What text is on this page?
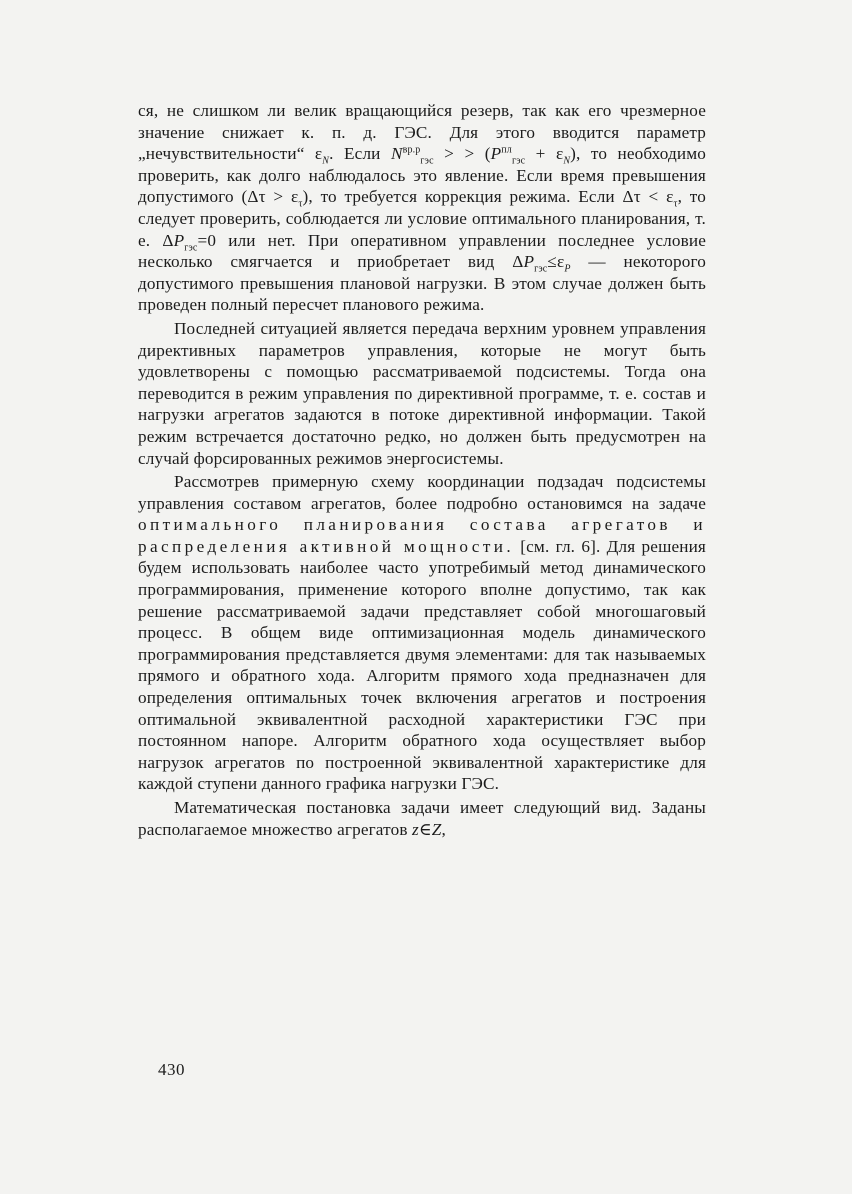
ся, не слишком ли велик вращающийся резерв, так как его чрезмерное значение снижает к. п. д. ГЭС. Для этого вводится параметр „нечувствительности“ $\varepsilon_N$. Если $N^{вр.р}_{гэс}$ > > $(P^{пл}_{гэс} + \varepsilon_N)$, то необходимо проверить, как долго наблюдалось это явление. Если время превышения допустимого $(\Delta\tau > \varepsilon_\tau)$, то требуется коррекция режима. Если $\Delta\tau < \varepsilon_\tau$, то следует проверить, соблюдается ли условие оптимального планирования, т. е. $\Delta P_{гэс}=0$ или нет. При оперативном управлении последнее условие несколько смягчается и приобретает вид $\Delta P_{гэс}\le\varepsilon_P$ — некоторого допустимого превышения плановой нагрузки. В этом случае должен быть проведен полный пересчет планового режима.

Последней ситуацией является передача верхним уровнем управления директивных параметров управления, которые не могут быть удовлетворены с помощью рассматриваемой подсистемы. Тогда она переводится в режим управления по директивной программе, т. е. состав и нагрузки агрегатов задаются в потоке директивной информации. Такой режим встречается достаточно редко, но должен быть предусмотрен на случай форсированных режимов энергосистемы.

Рассмотрев примерную схему координации подзадач подсистемы управления составом агрегатов, более подробно остановимся на задаче оптимального планирования состава агрегатов и распределения активной мощности. [см. гл. 6]. Для решения будем использовать наиболее часто употребимый метод динамического программирования, применение которого вполне допустимо, так как решение рассматриваемой задачи представляет собой многошаговый процесс. В общем виде оптимизационная модель динамического программирования представляется двумя элементами: для так называемых прямого и обратного хода. Алгоритм прямого хода предназначен для определения оптимальных точек включения агрегатов и построения оптимальной эквивалентной расходной характеристики ГЭС при постоянном напоре. Алгоритм обратного хода осуществляет выбор нагрузок агрегатов по построенной эквивалентной характеристике для каждой ступени данного графика нагрузки ГЭС.

Математическая постановка задачи имеет следующий вид. Заданы располагаемое множество агрегатов z∈Z,

430
